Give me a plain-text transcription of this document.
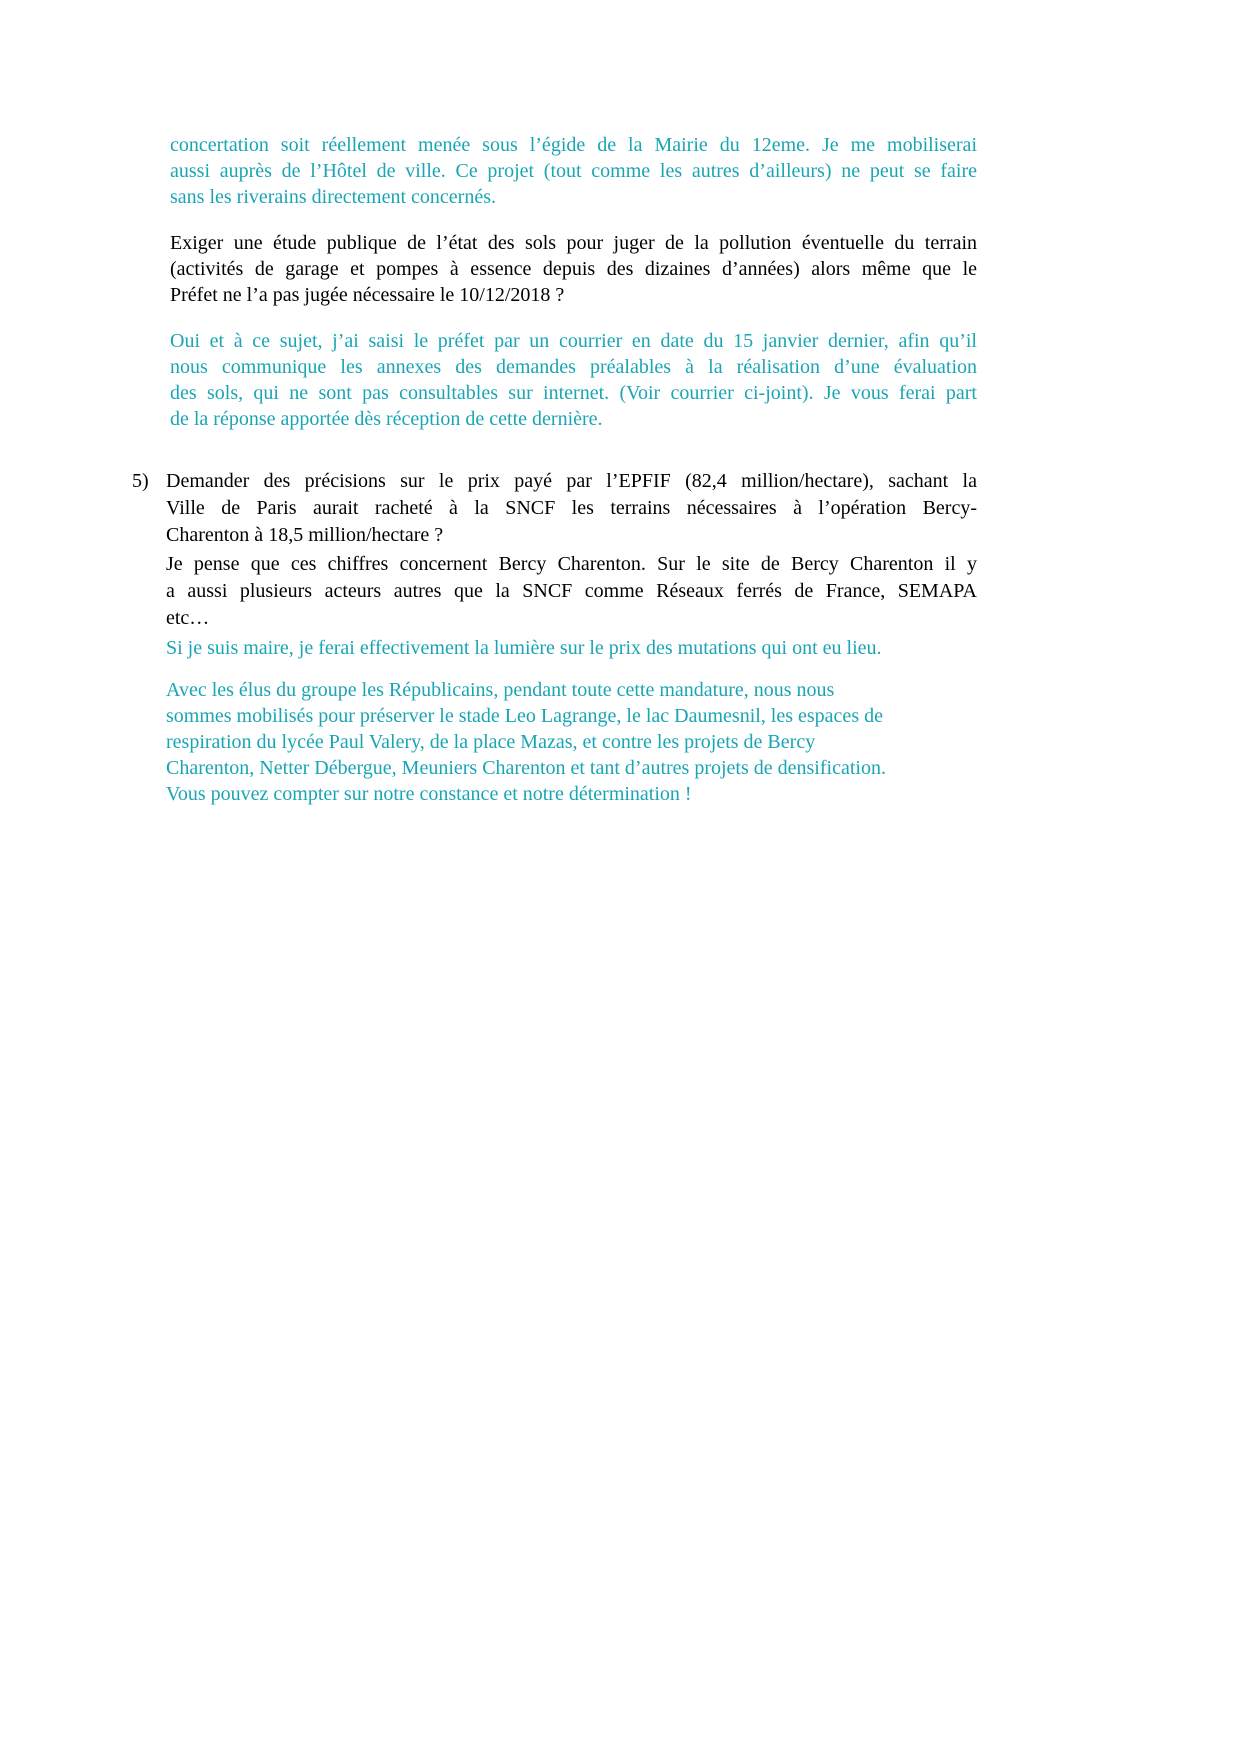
concertation soit réellement menée sous l’égide de la Mairie du 12eme. Je me mobiliserai
aussi auprès de l’Hôtel de ville. Ce projet (tout comme les autres d’ailleurs) ne peut se faire
sans les riverains directement concernés.
Exiger une étude publique de l’état des sols pour juger de la pollution éventuelle du terrain
(activités de garage et pompes à essence depuis des dizaines d’années) alors même que le
Préfet ne l’a pas jugée nécessaire le 10/12/2018 ?
Oui et à ce sujet, j’ai saisi le préfet par un courrier en date du 15 janvier dernier, afin qu’il
nous communique les annexes des demandes préalables à la réalisation d’une évaluation
des sols, qui ne sont pas consultables sur internet. (Voir courrier ci-joint). Je vous ferai part
de la réponse apportée dès réception de cette dernière.
5) Demander des précisions sur le prix payé par l’EPFIF (82,4 million/hectare), sachant la
Ville de Paris aurait racheté à la SNCF les terrains nécessaires à l’opération Bercy-
Charenton à 18,5 million/hectare ?
Je pense que ces chiffres concernent Bercy Charenton. Sur le site de Bercy Charenton il y
a aussi plusieurs acteurs autres que la SNCF comme Réseaux ferrés de France, SEMAPA
etc…
Si je suis maire, je ferai effectivement la lumière sur le prix des mutations qui ont eu lieu.
Avec les élus du groupe les Républicains, pendant toute cette mandature, nous nous
sommes mobilisés pour préserver le stade Leo Lagrange, le lac Daumesnil, les espaces de
respiration du lycée Paul Valery, de la place Mazas, et contre les projets de Bercy
Charenton, Netter Débergue, Meuniers Charenton et tant d’autres projets de densification.
Vous pouvez compter sur notre constance et notre détermination !
